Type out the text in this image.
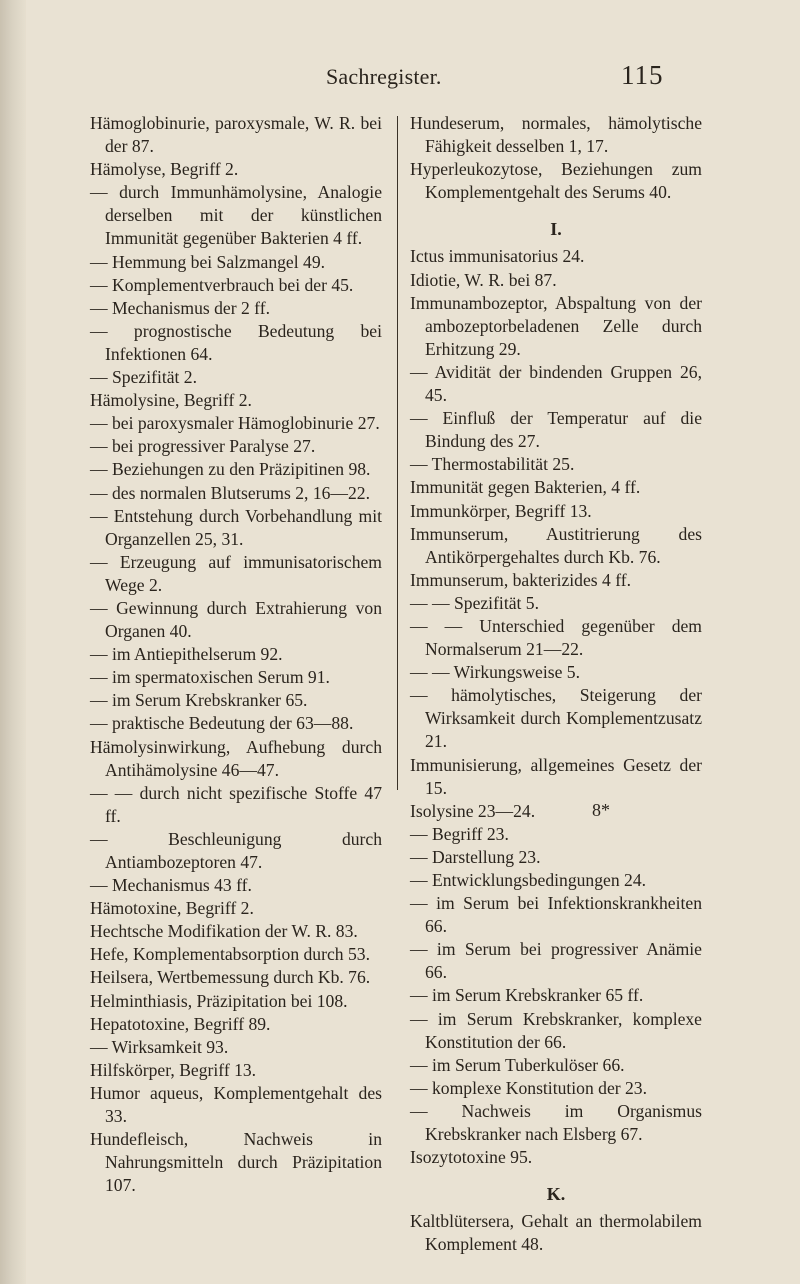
Sachregister.	115

Hämoglobinurie, paroxysmale, W. R. bei der 87.

Hämolyse, Begriff 2.

— durch Immunhämolysine, Analogie derselben mit der künstlichen Immunität gegenüber Bakterien 4 ff.

— Hemmung bei Salzmangel 49.

— Komplementverbrauch bei der 45.

— Mechanismus der 2 ff.

— prognostische Bedeutung bei Infektionen 64.

— Spezifität 2.

Hämolysine, Begriff 2.

— bei paroxysmaler Hämoglobinurie 27.

— bei progressiver Paralyse 27.

— Beziehungen zu den Präzipitinen 98.

— des normalen Blutserums 2, 16—22.

— Entstehung durch Vorbehandlung mit Organzellen 25, 31.

— Erzeugung auf immunisatorischem Wege 2.

— Gewinnung durch Extrahierung von Organen 40.

— im Antiepithelserum 92.

— im spermatoxischen Serum 91.

— im Serum Krebskranker 65.

— praktische Bedeutung der 63—88.

Hämolysinwirkung, Aufhebung durch Antihämolysine 46—47.

— — durch nicht spezifische Stoffe 47 ff.

— Beschleunigung durch Antiambozeptoren 47.

— Mechanismus 43 ff.

Hämotoxine, Begriff 2.

Hechtsche Modifikation der W. R. 83.

Hefe, Komplementabsorption durch 53.

Heilsera, Wertbemessung durch Kb. 76.

Helminthiasis, Präzipitation bei 108.

Hepatotoxine, Begriff 89.

— Wirksamkeit 93.

Hilfskörper, Begriff 13.

Humor aqueus, Komplementgehalt des 33.

Hundefleisch, Nachweis in Nahrungsmitteln durch Präzipitation 107.

Hundeserum, normales, hämolytische Fähigkeit desselben 1, 17.

Hyperleukozytose, Beziehungen zum Komplementgehalt des Serums 40.

I.

Ictus immunisatorius 24.

Idiotie, W. R. bei 87.

Immunambozeptor, Abspaltung von der ambozeptorbeladenen Zelle durch Erhitzung 29.

— Avidität der bindenden Gruppen 26, 45.

— Einfluß der Temperatur auf die Bindung des 27.

— Thermostabilität 25.

Immunität gegen Bakterien, 4 ff.

Immunkörper, Begriff 13.

Immunserum, Austitrierung des Antikörpergehaltes durch Kb. 76.

Immunserum, bakterizides 4 ff.

— — Spezifität 5.

— — Unterschied gegenüber dem Normalserum 21—22.

— — Wirkungsweise 5.

— hämolytisches, Steigerung der Wirksamkeit durch Komplementzusatz 21.

Immunisierung, allgemeines Gesetz der 15.

Isolysine 23—24.

— Begriff 23.

— Darstellung 23.

— Entwicklungsbedingungen 24.

— im Serum bei Infektionskrankheiten 66.

— im Serum bei progressiver Anämie 66.

— im Serum Krebskranker 65 ff.

— im Serum Krebskranker, komplexe Konstitution der 66.

— im Serum Tuberkulöser 66.

— komplexe Konstitution der 23.

— Nachweis im Organismus Krebskranker nach Elsberg 67.

Isozytotoxine 95.

K.

Kaltblütersera, Gehalt an thermolabilem Komplement 48.

8*
